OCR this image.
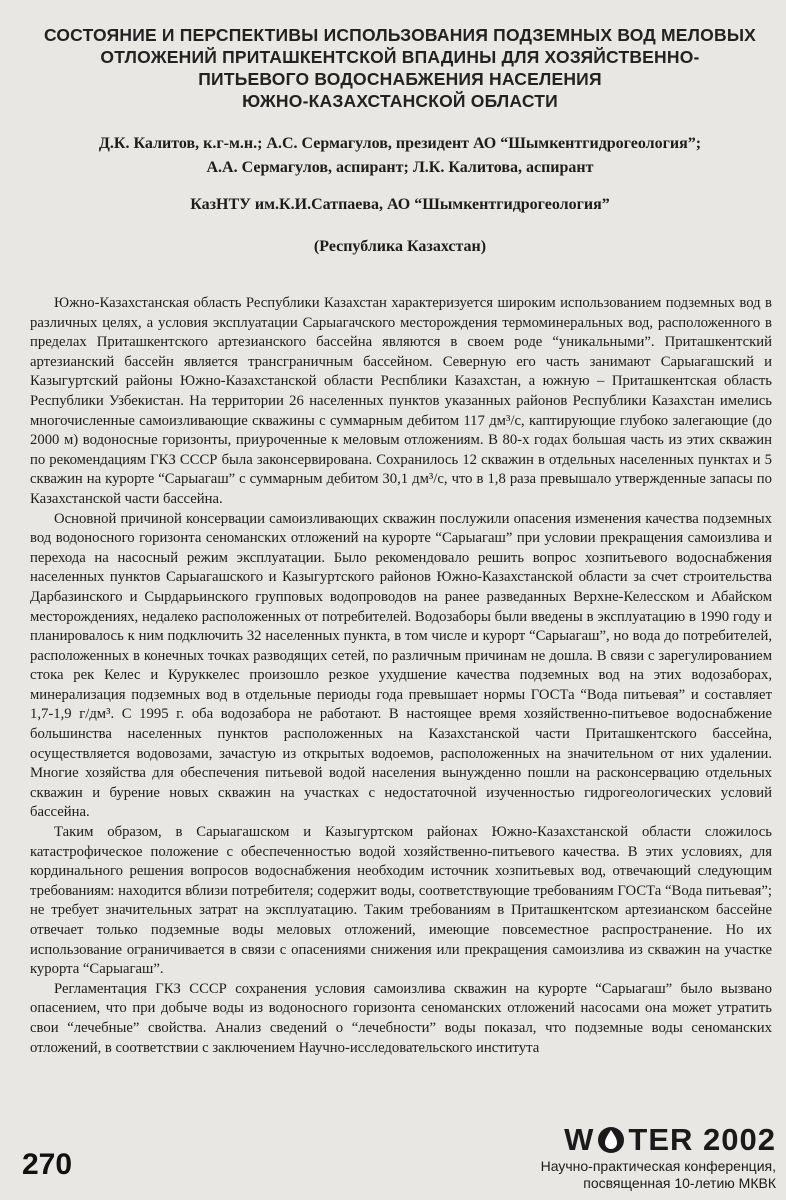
СОСТОЯНИЕ И ПЕРСПЕКТИВЫ ИСПОЛЬЗОВАНИЯ ПОДЗЕМНЫХ ВОД МЕЛОВЫХ
ОТЛОЖЕНИЙ ПРИТАШКЕНТСКОЙ ВПАДИНЫ ДЛЯ ХОЗЯЙСТВЕННО-
ПИТЬЕВОГО ВОДОСНАБЖЕНИЯ НАСЕЛЕНИЯ
ЮЖНО-КАЗАХСТАНСКОЙ ОБЛАСТИ
Д.К. Калитов, к.г-м.н.; А.С. Сермагулов, президент АО “Шымкентгидрогеология”;
А.А. Сермагулов, аспирант; Л.К. Калитова, аспирант
КазНТУ им.К.И.Сатпаева, АО “Шымкентгидрогеология”
(Республика Казахстан)

Южно-Казахстанская область Республики Казахстан характеризуется широким использованием подземных вод в различных целях, а условия эксплуатации Сарыагачского месторождения термоминеральных вод, расположенного в пределах Приташкентского артезианского бассейна являются в своем роде “уникальными”. Приташкентский артезианский бассейн является трансграничным бассейном. Северную его часть занимают Сарыагашский и Казыгуртский районы Южно-Казахстанской области Респблики Казахстан, а южную – Приташкентская область Республики Узбекистан. На территории 26 населенных пунктов указанных районов Республики Казахстан имелись многочисленные самоизливающие скважины с суммарным дебитом 117 дм³/с, каптирующие глубоко залегающие (до 2000 м) водоносные горизонты, приуроченные к меловым отложениям. В 80-х годах большая часть из этих скважин по рекомендациям ГКЗ СССР была законсервирована. Сохранилось 12 скважин в отдельных населенных пунктах и 5 скважин на курорте “Сарыагаш” с суммарным дебитом 30,1 дм³/с, что в 1,8 раза превышало утвержденные запасы по Казахстанской части бассейна.

Основной причиной консервации самоизливающих скважин послужили опасения изменения качества подземных вод водоносного горизонта сеноманских отложений на курорте “Сарыагаш” при условии прекращения самоизлива и перехода на насосный режим эксплуатации. Было рекомендовало решить вопрос хозпитьевого водоснабжения населенных пунктов Сарыагашского и Казыгуртского районов Южно-Казахстанской области за счет строительства Дарбазинского и Сырдарьинского групповых водопроводов на ранее разведанных Верхне-Келесском и Абайском месторождениях, недалеко расположенных от потребителей. Водозаборы были введены в эксплуатацию в 1990 году и планировалось к ним подключить 32 населенных пункта, в том числе и курорт “Сарыагаш”, но вода до потребителей, расположенных в конечных точках разводящих сетей, по различным причинам не дошла. В связи с зарегулированием стока рек Келес и Куруккелес произошло резкое ухудшение качества подземных вод на этих водозаборах, минерализация подземных вод в отдельные периоды года превышает нормы ГОСТа “Вода питьевая” и составляет 1,7-1,9 г/дм³. С 1995 г. оба водозабора не работают. В настоящее время хозяйственно-питьевое водоснабжение большинства населенных пунктов расположенных на Казахстанской части Приташкентского бассейна, осуществляется водовозами, зачастую из открытых водоемов, расположенных на значительном от них удалении. Многие хозяйства для обеспечения питьевой водой населения вынужденно пошли на расконсервацию отдельных скважин и бурение новых скважин на участках с недостаточной изученностью гидрогеологических условий бассейна.

Таким образом, в Сарыагашском и Казыгуртском районах Южно-Казахстанской области сложилось катастрофическое положение с обеспеченностью водой хозяйственно-питьевого качества. В этих условиях, для кординального решения вопросов водоснабжения необходим источник хозпитьевых вод, отвечающий следующим требованиям: находится вблизи потребителя; содержит воды, соответствующие требованиям ГОСТа “Вода питьевая”; не требует значительных затрат на эксплуатацию. Таким требованиям в Приташкентском артезианском бассейне отвечает только подземные воды меловых отложений, имеющие повсеместное распространение. Но их использование ограничивается в связи с опасениями снижения или прекращения самоизлива из скважин на участке курорта “Сарыагаш”.

Регламентация ГКЗ СССР сохранения условия самоизлива скважин на курорте “Сарыагаш” было вызвано опасением, что при добыче воды из водоносного горизонта сеноманских отложений насосами она может утратить свои “лечебные” свойства. Анализ сведений о “лечебности” воды показал, что подземные воды сеноманских отложений, в соответствии с заключением Научно-исследовательского института

270
W TER 2002
Научно-практическая конференция,
посвященная 10-летию МКВК
